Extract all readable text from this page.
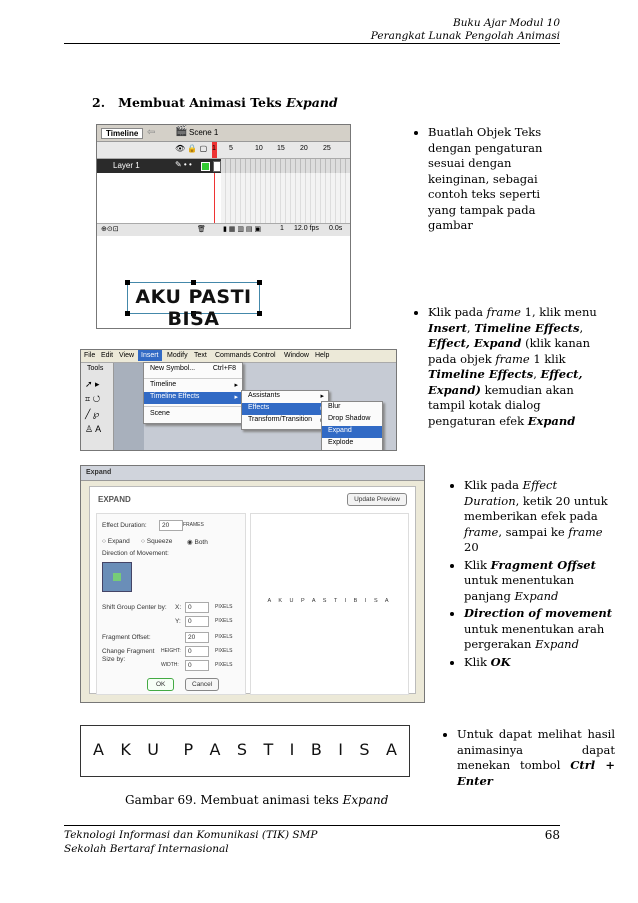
Buku Ajar Modul 10
Perangkat Lunak Pengolah Animasi
2. Membuat Animasi Teks Expand
Timeline ⇦ 🎬 Scene 1
👁 🔒 ▢ 1 5	10 15 20 25
Layer 1	✎ • •
⊕⊙⊡	🗑 ▮ ▦ ▥ ▤ ▣	1 12.0 fps 0.0s
AKU PASTI BISA
• Buatlah Objek Teks dengan pengaturan sesuai dengan keinginan, sebagai contoh teks seperti yang tampak pada gambar
File Edit View Insert	Modify Text Commands Control Window Help
Tools
➚ ▸
⌗ ↺
╱ ℘
♙ A
New Symbol...	Ctrl+F8
Timeline	▸
Timeline Effects	▸
Scene
Assistants	▸
Effects
Transform/Transition
Blur
Drop Shadow
Expand
Explode
• Klik pada frame 1, klik menu Insert, Timeline Effects, Effect, Expand (klik kanan pada objek frame 1 klik Timeline Effects, Effect, Expand) kemudian akan tampil kotak dialog pengaturan efek Expand
Expand
EXPAND	Update Preview
Effect Duration:	20	FRAMES
○ Expand ○ Squeeze ◉ Both
Direction of Movement:
Shift Group Center by: X:	0	PIXELS
Y:	0	PIXELS
Fragment Offset:	20	PIXELS
Change Fragment Size by:
HEIGHT:	0	PIXELS
WIDTH:	0	PIXELS
OK	Cancel
A K U P A S T I B I S A
• Klik pada Effect Duration, ketik 20 untuk memberikan efek pada frame, sampai ke frame 20
• Klik Fragment Offset untuk menentukan panjang Expand
• Direction of movement untuk menentukan arah pergerakan Expand
• Klik OK
A K U P A S T I B I S A
• Untuk dapat melihat hasil animasinya dapat menekan tombol Ctrl + Enter
Gambar 69. Membuat animasi teks Expand
Teknologi Informasi dan Komunikasi (TIK) SMP
Sekolah Bertaraf Internasional
68
